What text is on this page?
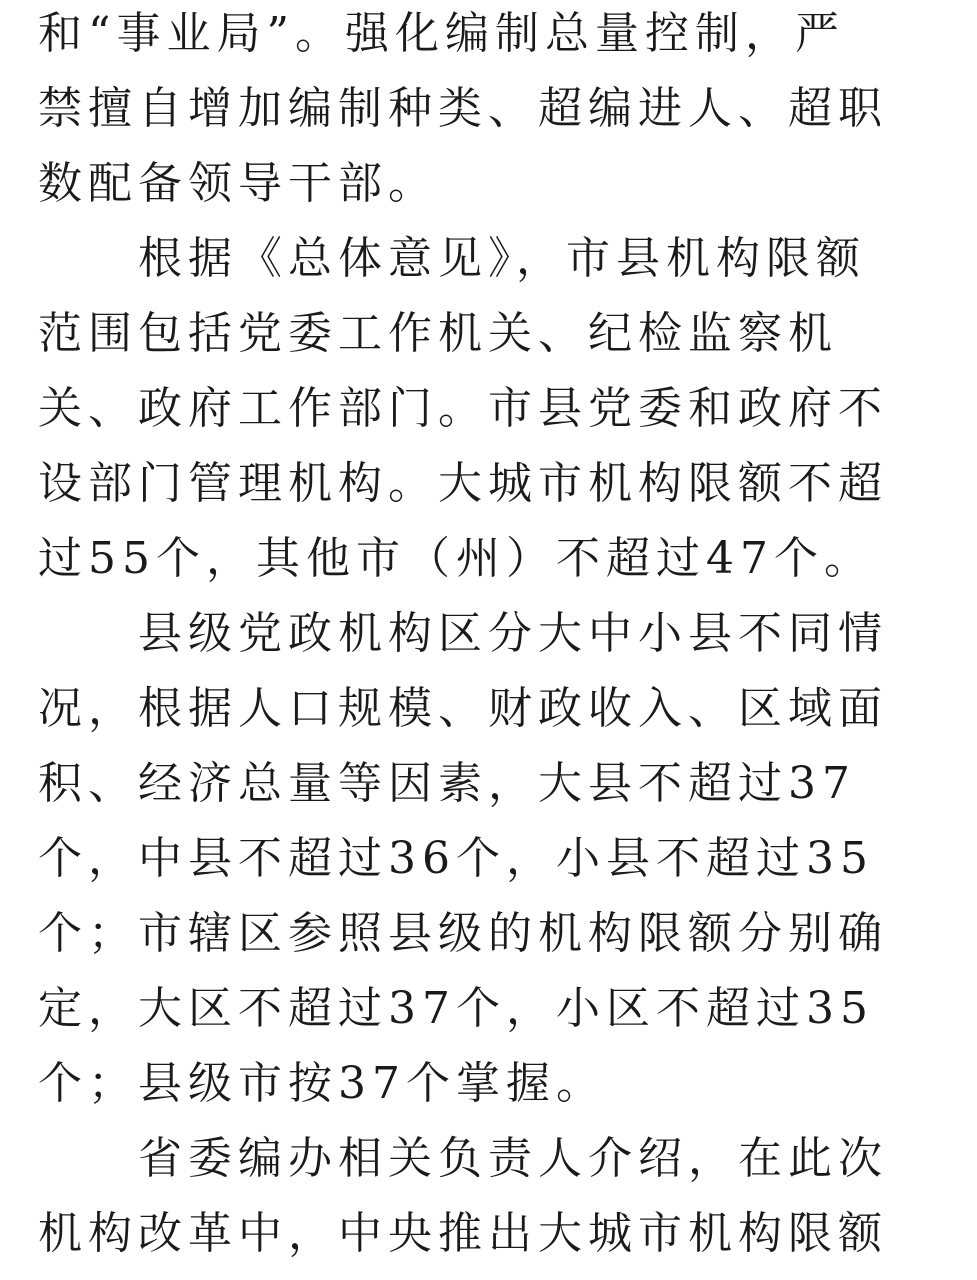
和“事业局”。强化编制总量控制，严
禁擅自增加编制种类、超编进人、超职
数配备领导干部。
根据《总体意见》，市县机构限额
范围包括党委工作机关、纪检监察机
关、政府工作部门。市县党委和政府不
设部门管理机构。大城市机构限额不超
过55个，其他市（州）不超过47个。
县级党政机构区分大中小县不同情
况，根据人口规模、财政收入、区域面
积、经济总量等因素，大县不超过37
个，中县不超过36个，小县不超过35
个；市辖区参照县级的机构限额分别确
定，大区不超过37个，小区不超过35
个；县级市按37个掌握。
省委编办相关负责人介绍，在此次
机构改革中，中央推出大城市机构限额
